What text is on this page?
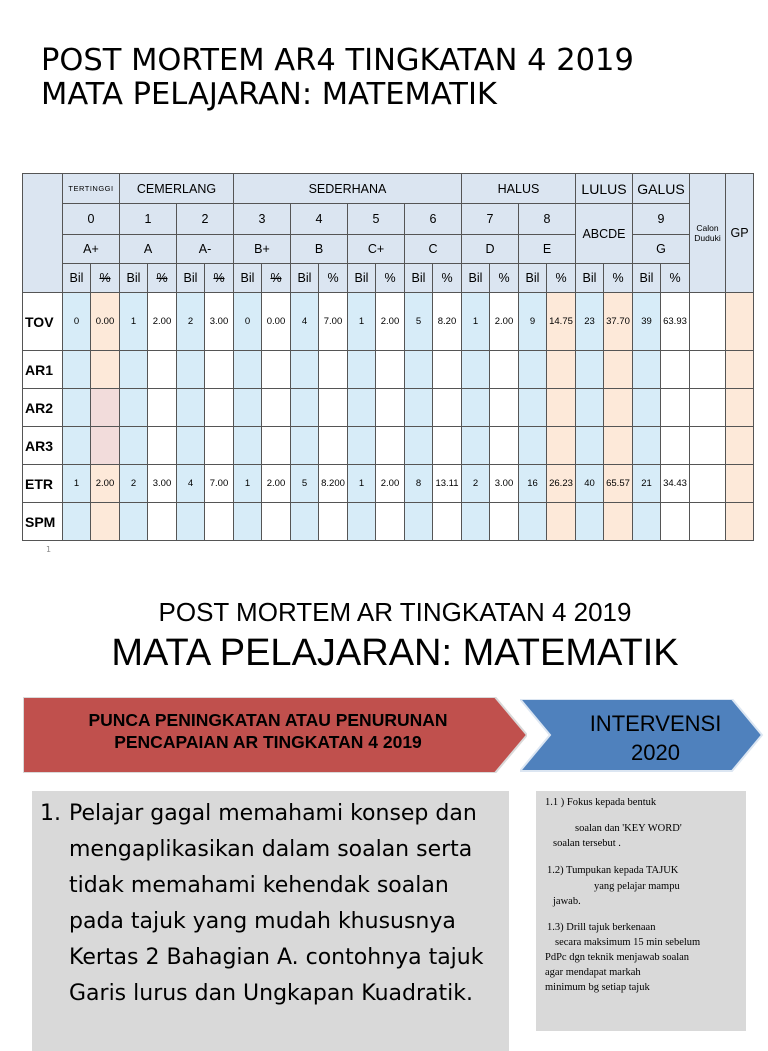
POST MORTEM AR4 TINGKATAN 4 2019
MATA PELAJARAN: MATEMATIK
	TERTINGGI		CEMERLANG				SEDERHANA								HALUS				LULUS		GALUS		Calon Duduki	GP
	0		1		2		3		4		5		6		7		8		ABCDE		9			
	A+		A		A-		B+		B		C+		C		D		E				G			
	Bil	%	Bil	%	Bil	%	Bil	%	Bil	%	Bil	%	Bil	%	Bil	%	Bil	%	Bil	%	Bil	%		
TOV	0	0.00	1	2.00	2	3.00	0	0.00	4	7.00	1	2.00	5	8.20	1	2.00	9	14.75	23	37.70	39	63.93		
AR1																								
AR2																								
AR3																								
ETR	1	2.00	2	3.00	4	7.00	1	2.00	5	8.200	1	2.00	8	13.11	2	3.00	16	26.23	40	65.57	21	34.43		
SPM																								
1
POST MORTEM AR TINGKATAN 4 2019
MATA PELAJARAN: MATEMATIK
PUNCA PENINGKATAN ATAU PENURUNAN
PENCAPAIAN AR TINGKATAN 4 2019
INTERVENSI
2020
1. Pelajar gagal memahami konsep dan mengaplikasikan dalam soalan serta tidak memahami kehendak soalan pada tajuk yang mudah khususnya Kertas 2 Bahagian A. contohnya tajuk Garis lurus dan Ungkapan Kuadratik.
1.1 ) Fokus kepada bentuk
soalan dan 'KEY WORD'
soalan tersebut .
1.2) Tumpukan kepada TAJUK
yang pelajar mampu
jawab.
1.3) Drill tajuk berkenaan
secara maksimum 15 min sebelum
PdPc dgn teknik menjawab soalan
agar mendapat markah
minimum bg setiap tajuk
